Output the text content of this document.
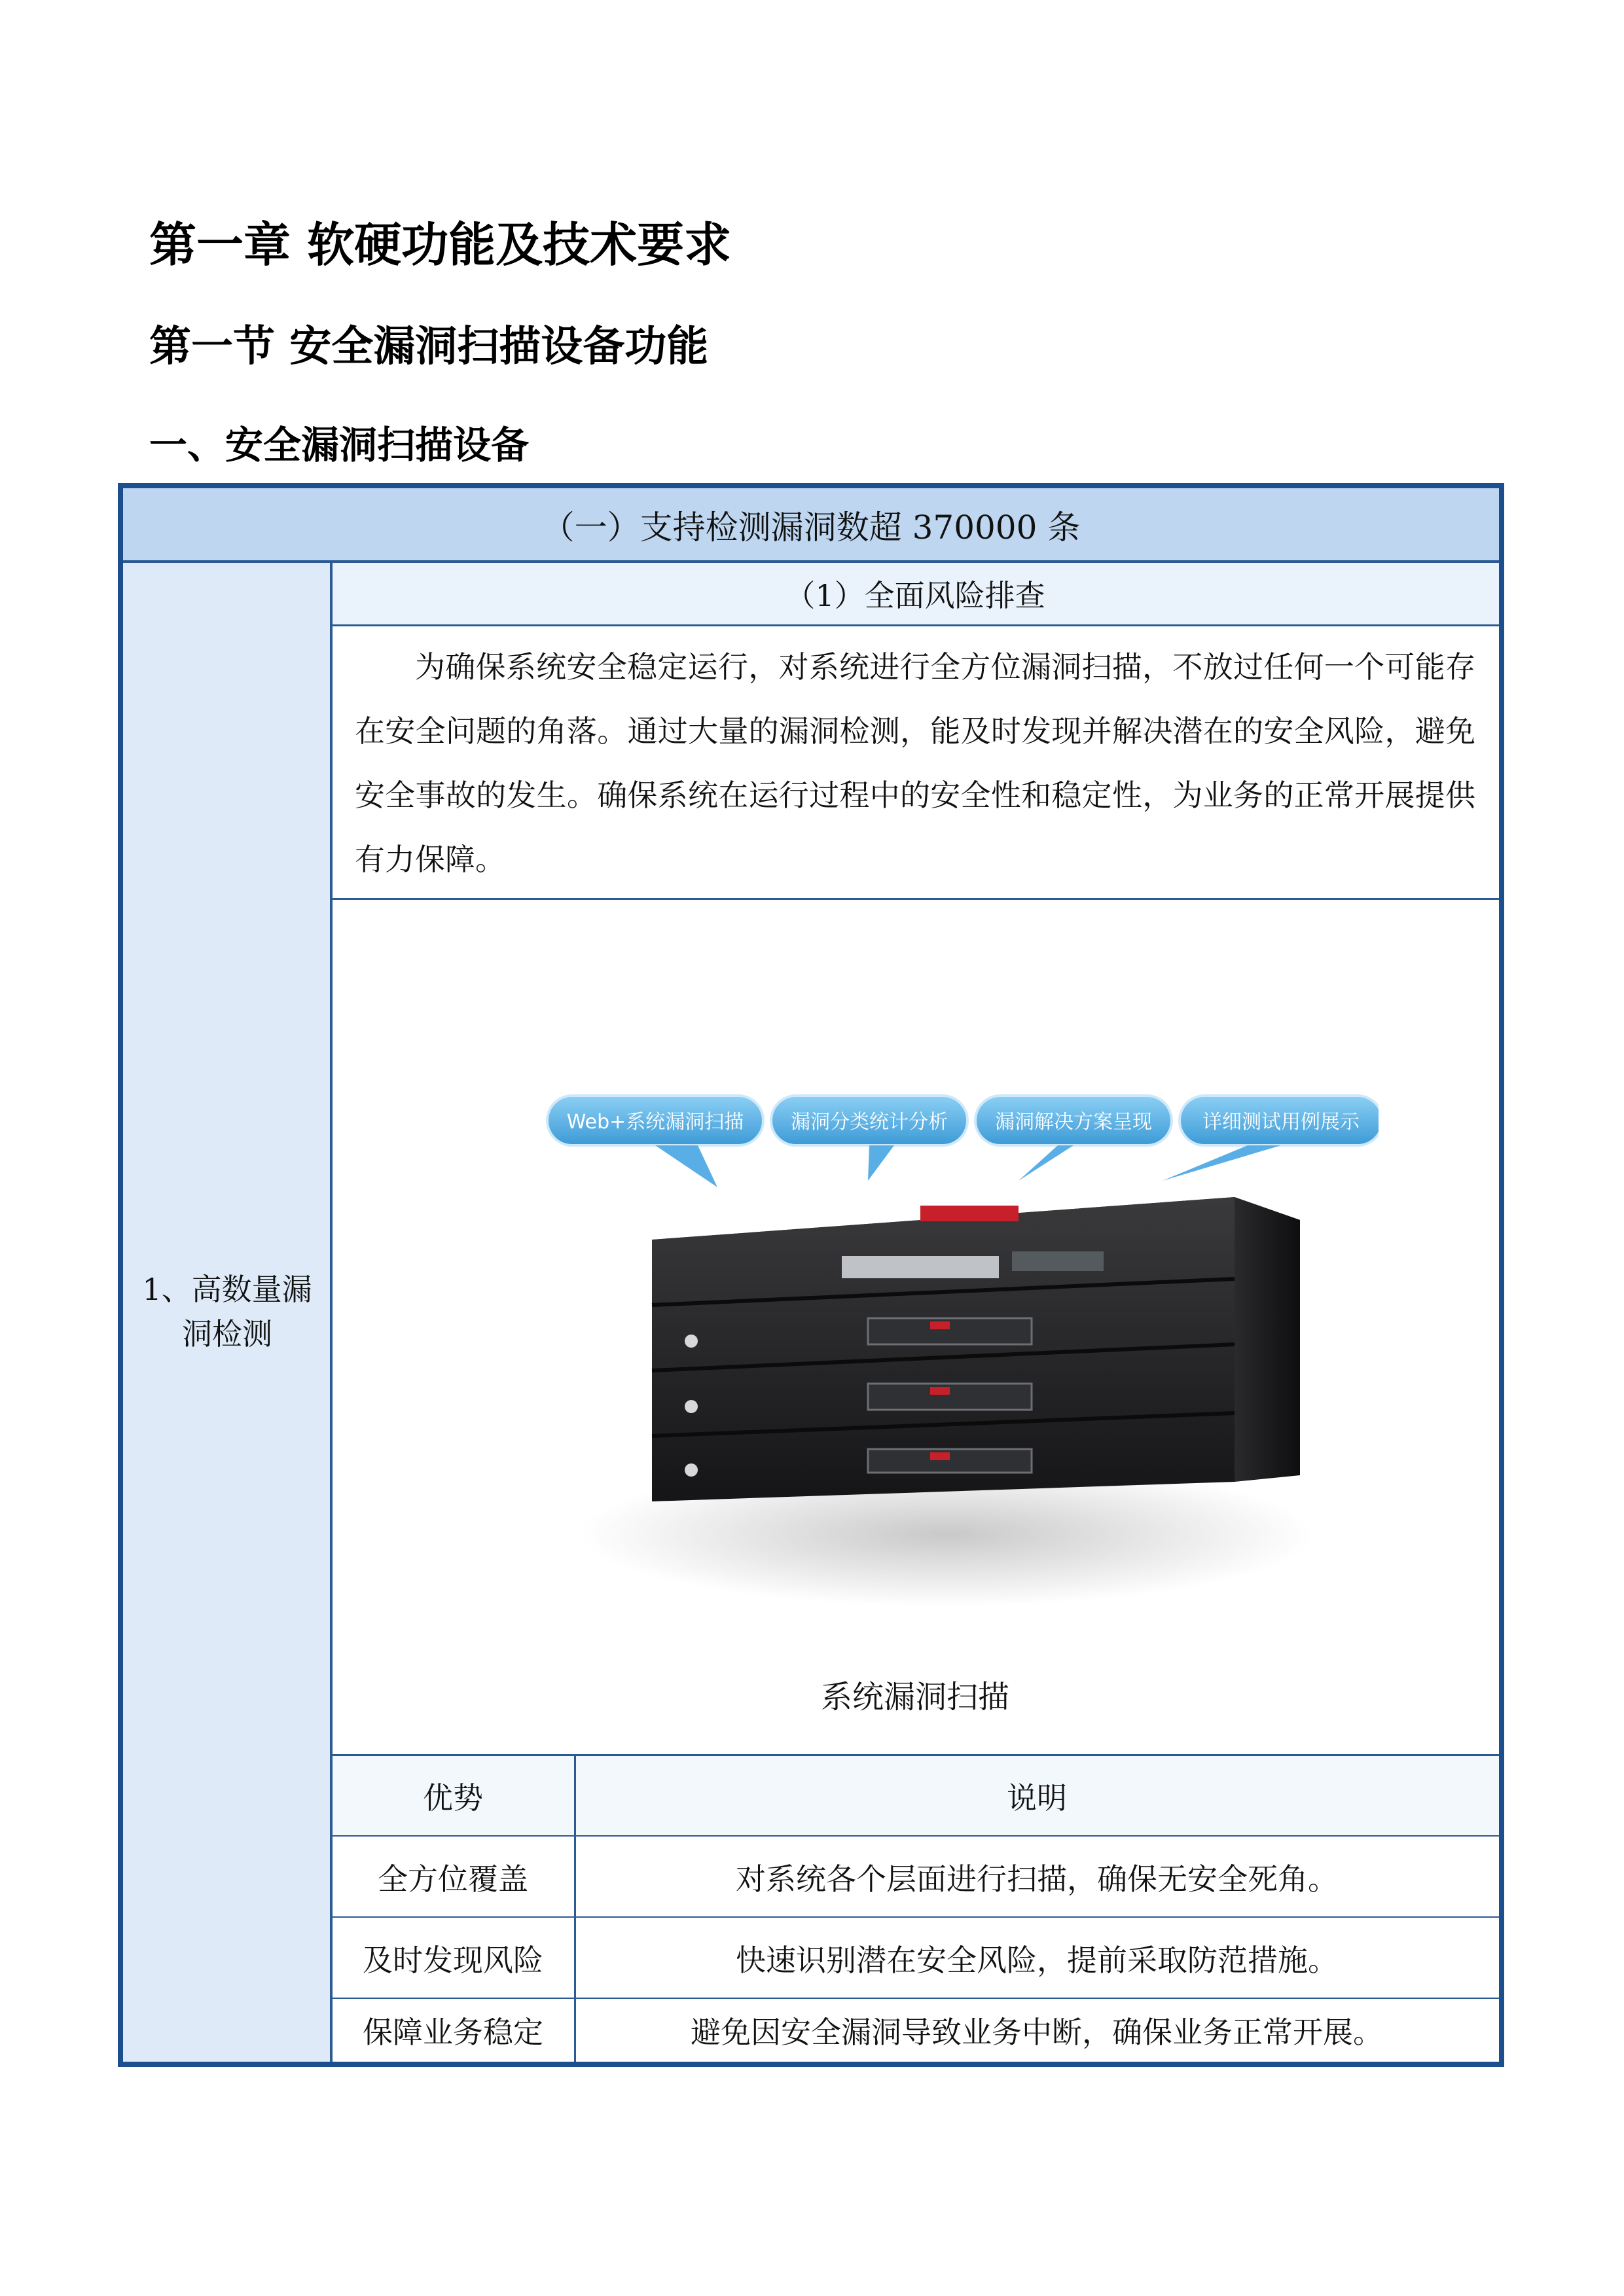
第一章 软硬功能及技术要求
第一节 安全漏洞扫描设备功能
一、安全漏洞扫描设备
（一）支持检测漏洞数超 370000 条
1、高数量漏洞检测
（1）全面风险排查

为确保系统安全稳定运行，对系统进行全方位漏洞扫描，不放过任何一个可能存在安全问题的角落。通过大量的漏洞检测，能及时发现并解决潜在的安全风险，避免安全事故的发生。确保系统在运行过程中的安全性和稳定性，为业务的正常开展提供有力保障。

Web+系统漏洞扫描 漏洞分类统计分析 漏洞解决方案呈现	详细测试用例展示
系统漏洞扫描
优势	说明
全方位覆盖	对系统各个层面进行扫描，确保无安全死角。
及时发现风险	快速识别潜在安全风险，提前采取防范措施。
保障业务稳定	避免因安全漏洞导致业务中断，确保业务正常开展。
